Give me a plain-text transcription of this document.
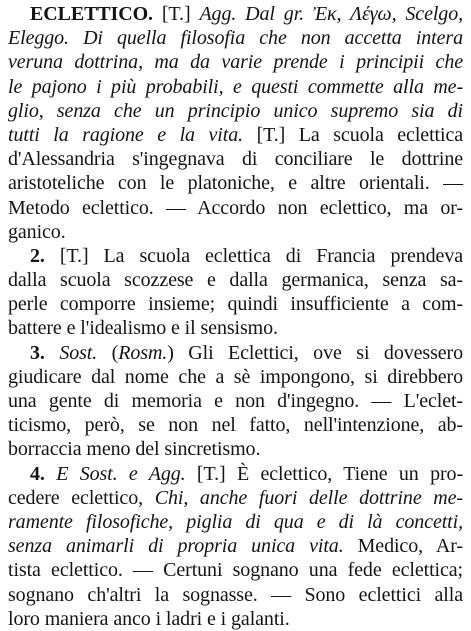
ECLETTICO. [T.] Agg. Dal gr. Ἐκ, Λέγω, Scelgo,
Eleggo. Di quella filosofia che non accetta intera
veruna dottrina, ma da varie prende i principii che
le pajono i più probabili, e questi commette alla me-
glio, senza che un principio unico supremo sia di
tutti la ragione e la vita. [T.] La scuola eclettica
d'Alessandria s'ingegnava di conciliare le dottrine
aristoteliche con le platoniche, e altre orientali. —
Metodo eclettico. — Accordo non eclettico, ma or-
ganico.
2. [T.] La scuola eclettica di Francia prendeva
dalla scuola scozzese e dalla germanica, senza sa-
perle comporre insieme; quindi insufficiente a com-
battere e l'idealismo e il sensismo.
3. Sost. (Rosm.) Gli Eclettici, ove si dovessero
giudicare dal nome che a sè impongono, si direbbero
una gente di memoria e non d'ingegno. — L'eclet-
ticismo, però, se non nel fatto, nell'intenzione, ab-
borraccia meno del sincretismo.
4. E Sost. e Agg. [T.] È eclettico, Tiene un pro-
cedere eclettico, Chi, anche fuori delle dottrine me-
ramente filosofiche, piglia di qua e di là concetti,
senza animarli di propria unica vita. Medico, Ar-
tista eclettico. — Certuni sognano una fede eclettica;
sognano ch'altri la sognasse. — Sono eclettici alla
loro maniera anco i ladri e i galanti.
